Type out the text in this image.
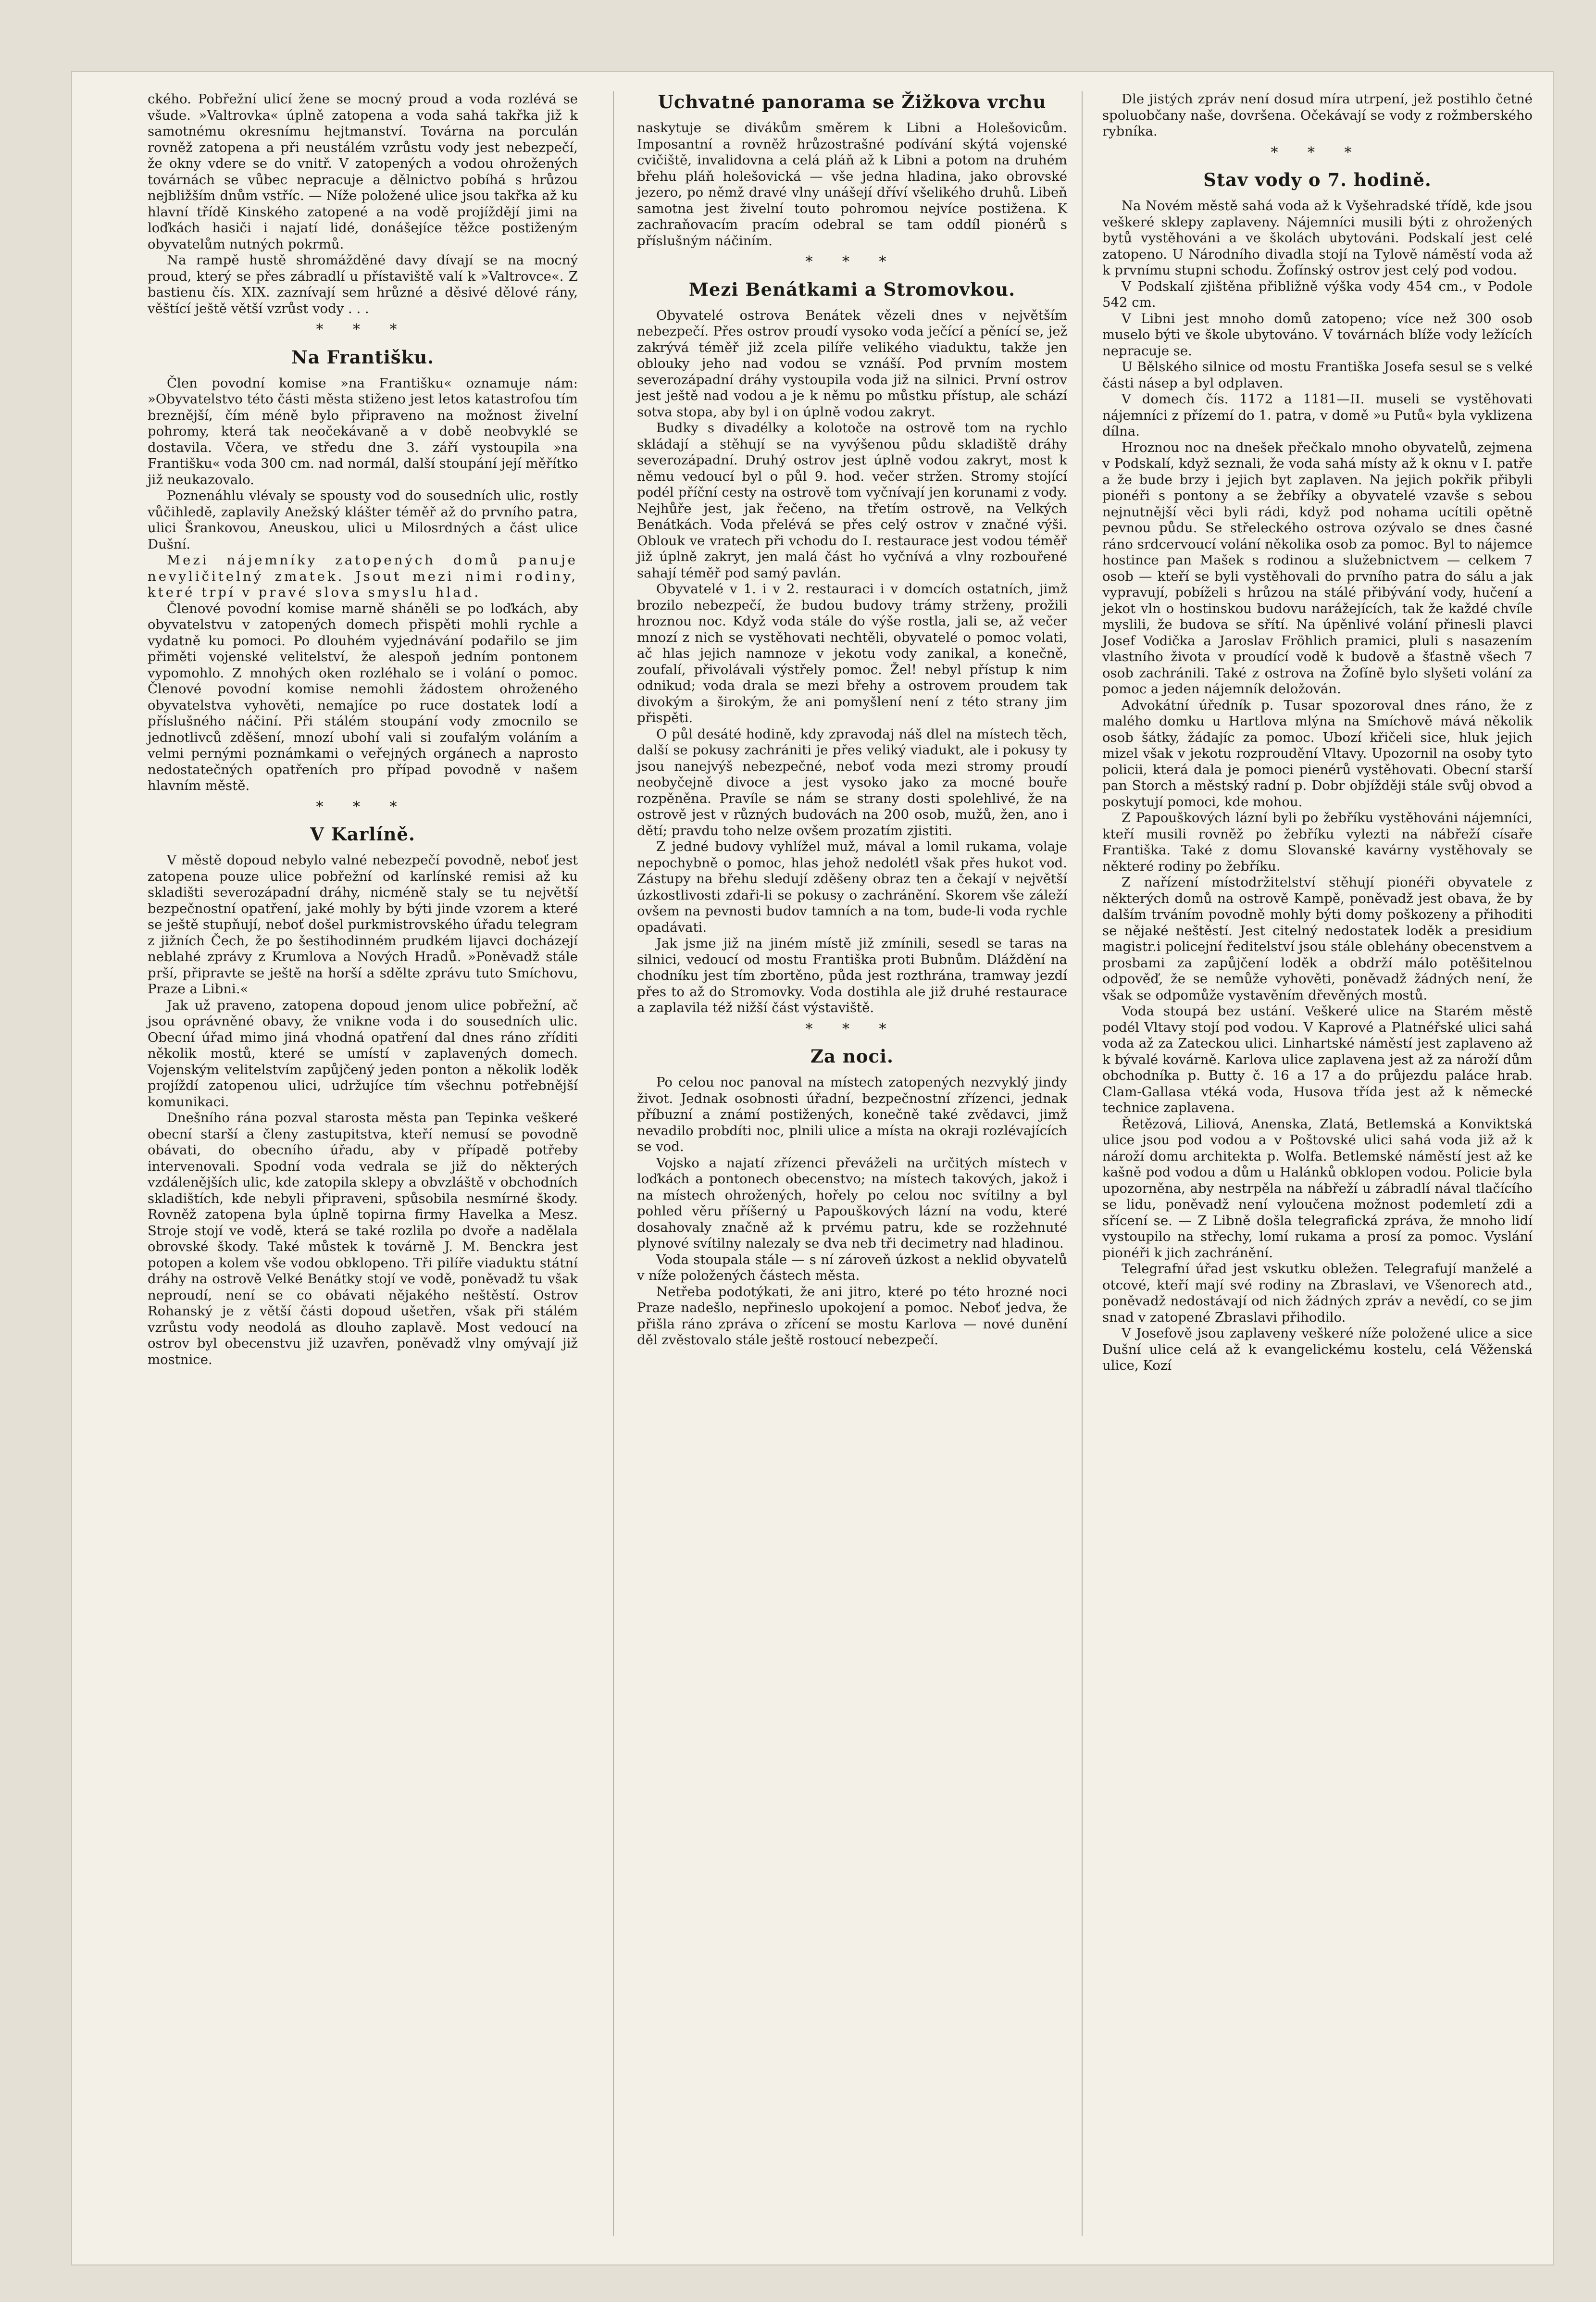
ckého. Pobřežní ulicí žene se mocný proud a voda rozlévá se všude. »Valtrovka« úplně zatopena a voda sahá takřka již k samotnému okresnímu hejtmanství. Továrna na porculán rovněž zatopena a při neustálém vzrůstu vody jest nebezpečí, že okny vdere se do vnitř. V zatopených a vodou ohrožených továrnách se vůbec nepracuje a dělnictvo pobíhá s hrůzou nejbližším dnům vstříc. — Níže položené ulice jsou takřka až ku hlavní třídě Kinského zatopené a na vodě projíždějí jimi na loďkách hasiči i najatí lidé, donášejíce těžce postiženým obyvatelům nutných pokrmů.

Na rampě hustě shromážděné davy dívají se na mocný proud, který se přes zábradlí u přístaviště valí k »Valtrovce«. Z bastienu čís. XIX. zaznívají sem hrůzné a děsivé dělové rány, věštící ještě větší vzrůst vody . . .

* * *
Na Františku.

Člen povodní komise »na Františku« oznamuje nám: »Obyvatelstvo této části města stiženo jest letos katastrofou tím breznější, čím méně bylo připraveno na možnost živelní pohromy, která tak neočekávaně a v době neobvyklé se dostavila. Včera, ve středu dne 3. září vystoupila »na Františku« voda 300 cm. nad normál, další stoupání její měřítko již neukazovalo.

Poznenáhlu vlévaly se spousty vod do sousedních ulic, rostly vůčihledě, zaplavily Anežský klášter téměř až do prvního patra, ulici Šrankovou, Aneuskou, ulici u Milosrdných a část ulice Dušní.

Mezi nájemníky zatopených domů panuje nevyličitelný zmatek. Jsout mezi nimi rodiny, které trpí v pravé slova smyslu hlad.

Členové povodní komise marně sháněli se po loďkách, aby obyvatelstvu v zatopených domech přispěti mohli rychle a vydatně ku pomoci. Po dlouhém vyjednávání podařilo se jim přiměti vojenské velitelství, že alespoň jedním pontonem vypomohlo. Z mnohých oken rozléhalo se i volání o pomoc. Členové povodní komise nemohli žádostem ohroženého obyvatelstva vyhověti, nemajíce po ruce dostatek lodí a příslušného náčiní. Při stálém stoupání vody zmocnilo se jednotlivců zděšení, mnozí ubohí vali si zoufalým voláním a velmi pernými poznámkami o veřejných orgánech a naprosto nedostatečných opatřeních pro případ povodně v našem hlavním městě.

* * *
V Karlíně.

V městě dopoud nebylo valné nebezpečí povodně, neboť jest zatopena pouze ulice pobřežní od karlínské remisi až ku skladišti severozápadní dráhy, nicméně staly se tu největší bezpečnostní opatření, jaké mohly by býti jinde vzorem a které se ještě stupňují, neboť došel purkmistrovského úřadu telegram z jižních Čech, že po šestihodinném prudkém lijavci docházejí neblahé zprávy z Krumlova a Nových Hradů. »Poněvadž stále prší, připravte se ještě na horší a sdělte zprávu tuto Smíchovu, Praze a Libni.«

Jak už praveno, zatopena dopoud jenom ulice pobřežní, ač jsou oprávněné obavy, že vnikne voda i do sousedních ulic. Obecní úřad mimo jiná vhodná opatření dal dnes ráno zříditi několik mostů, které se umístí v zaplavených domech. Vojenským velitelstvím zapůjčený jeden ponton a několik loděk projíždí zatopenou ulici, udržujíce tím všechnu potřebnější komunikaci.

Dnešního rána pozval starosta města pan Tepinka veškeré obecní starší a členy zastupitstva, kteří nemusí se povodně obávati, do obecního úřadu, aby v případě potřeby intervenovali. Spodní voda vedrala se již do některých vzdálenějších ulic, kde zatopila sklepy a obvzláště v obchodních skladištích, kde nebyli připraveni, spůsobila nesmírné škody. Rovněž zatopena byla úplně topirna firmy Havelka a Mesz. Stroje stojí ve vodě, která se také rozlila po dvoře a nadělala obrovské škody. Také můstek k továrně J. M. Benckra jest potopen a kolem vše vodou obklopeno. Tři pilíře viaduktu státní dráhy na ostrově Velké Benátky stojí ve vodě, poněvadž tu však neproudí, není se co obávati nějakého neštěstí. Ostrov Rohanský je z větší části dopoud ušetřen, však při stálém vzrůstu vody neodolá as dlouho zaplavě. Most vedoucí na ostrov byl obecenstvu již uzavřen, poněvadž vlny omývají již mostnice.

Uchvatné panorama se Žižkova vrchu

naskytuje se divákům směrem k Libni a Holešovicům. Imposantní a rovněž hrůzostrašné podívání skýtá vojenské cvičiště, invalidovna a celá pláň až k Libni a potom na druhém břehu pláň holešovická — vše jedna hladina, jako obrovské jezero, po němž dravé vlny unášejí dříví všelikého druhů. Libeň samotna jest živelní touto pohromou nejvíce postižena. K zachraňovacím pracím odebral se tam oddíl pionérů s příslušným náčiním.

* * *
Mezi Benátkami a Stromovkou.

Obyvatelé ostrova Benátek vězeli dnes v největším nebezpečí. Přes ostrov proudí vysoko voda ječící a pěnící se, jež zakrývá téměř již zcela pilíře velikého viaduktu, takže jen oblouky jeho nad vodou se vznáší. Pod prvním mostem severozápadní dráhy vystoupila voda již na silnici. První ostrov jest ještě nad vodou a je k němu po můstku přístup, ale schází sotva stopa, aby byl i on úplně vodou zakryt.

Budky s divadélky a kolotoče na ostrově tom na rychlo skládají a stěhují se na vyvýšenou půdu skladiště dráhy severozápadní. Druhý ostrov jest úplně vodou zakryt, most k němu vedoucí byl o půl 9. hod. večer stržen. Stromy stojící podél příční cesty na ostrově tom vyčnívají jen korunami z vody. Nejhůře jest, jak řečeno, na třetím ostrově, na Velkých Benátkách. Voda přelévá se přes celý ostrov v značné výši. Oblouk ve vratech při vchodu do I. restaurace jest vodou téměř již úplně zakryt, jen malá část ho vyčnívá a vlny rozbouřené sahají téměř pod samý pavlán.

Obyvatelé v 1. i v 2. restauraci i v domcích ostatních, jimž brozilo nebezpečí, že budou budovy trámy strženy, prožili hroznou noc. Když voda stále do výše rostla, jali se, až večer mnozí z nich se vystěhovati nechtěli, obyvatelé o pomoc volati, ač hlas jejich namnoze v jekotu vody zanikal, a konečně, zoufalí, přivolávali výstřely pomoc. Žel! nebyl přístup k nim odnikud; voda drala se mezi břehy a ostrovem proudem tak divokým a širokým, že ani pomyšlení není z této strany jim přispěti.

O půl desáté hodině, kdy zpravodaj náš dlel na místech těch, další se pokusy zachrániti je přes veliký viadukt, ale i pokusy ty jsou nanejvýš nebezpečné, neboť voda mezi stromy proudí neobyčejně divoce a jest vysoko jako za mocné bouře rozpěněna. Pravíle se nám se strany dosti spolehlivé, že na ostrově jest v různých budovách na 200 osob, mužů, žen, ano i dětí; pravdu toho nelze ovšem prozatím zjistiti.

Z jedné budovy vyhlížel muž, mával a lomil rukama, volaje nepochybně o pomoc, hlas jehož nedolétl však přes hukot vod. Zástupy na břehu sledují zděšeny obraz ten a čekají v největší úzkostlivosti zdaři-li se pokusy o zachránění. Skorem vše záleží ovšem na pevnosti budov tamních a na tom, bude-li voda rychle opadávati.

Jak jsme již na jiném místě již zmínili, sesedl se taras na silnici, vedoucí od mostu Františka proti Bubnům. Dláždění na chodníku jest tím zbortěno, půda jest rozthrána, tramway jezdí přes to až do Stromovky. Voda dostihla ale již druhé restaurace a zaplavila též nižší část výstaviště.

* * *
Za noci.

Po celou noc panoval na místech zatopených nezvyklý jindy život. Jednak osobnosti úřadní, bezpečnostní zřízenci, jednak příbuzní a známí postižených, konečně také zvědavci, jimž nevadilo probdíti noc, plnili ulice a místa na okraji rozlévajících se vod.

Vojsko a najatí zřízenci převáželi na určitých místech v loďkách a pontonech obecenstvo; na místech takových, jakož i na místech ohrožených, hořely po celou noc svítilny a byl pohled věru příšerný u Papouškových lázní na vodu, které dosahovaly značně až k prvému patru, kde se rozžehnuté plynové svítilny nalezaly se dva neb tři decimetry nad hladinou.

Voda stoupala stále — s ní zároveň úzkost a neklid obyvatelů v níže položených částech města.

Netřeba podotýkati, že ani jitro, které po této hrozné noci Praze nadešlo, nepřineslo upokojení a pomoc. Neboť jedva, že přišla ráno zpráva o zřícení se mostu Karlova — nové dunění děl zvěstovalo stále ještě rostoucí nebezpečí.

Dle jistých zpráv není dosud míra utrpení, jež postihlo četné spoluobčany naše, dovršena. Očekávají se vody z rožmberského rybníka.

* * *
Stav vody o 7. hodině.

Na Novém městě sahá voda až k Vyšehradské třídě, kde jsou veškeré sklepy zaplaveny. Nájemníci musili býti z ohrožených bytů vystěhováni a ve školách ubytováni. Podskalí jest celé zatopeno. U Národního divadla stojí na Tylově náměstí voda až k prvnímu stupni schodu. Žofínský ostrov jest celý pod vodou.

V Podskalí zjištěna přibližně výška vody 454 cm., v Podole 542 cm.

V Libni jest mnoho domů zatopeno; více než 300 osob muselo býti ve škole ubytováno. V továrnách blíže vody ležících nepracuje se.

U Bělského silnice od mostu Františka Josefa sesul se s velké části násep a byl odplaven.

V domech čís. 1172 a 1181—II. museli se vystěhovati nájemníci z přízemí do 1. patra, v domě »u Putů« byla vyklizena dílna.

Hroznou noc na dnešek přečkalo mnoho obyvatelů, zejmena v Podskalí, když seznali, že voda sahá místy až k oknu v I. patře a že bude brzy i jejich byt zaplaven. Na jejich pokřik přibyli pionéři s pontony a se žebříky a obyvatelé vzavše s sebou nejnutnější věci byli rádi, když pod nohama ucítili opětně pevnou půdu. Se střeleckého ostrova ozývalo se dnes časné ráno srdcervoucí volání několika osob za pomoc. Byl to nájemce hostince pan Mašek s rodinou a služebnictvem — celkem 7 osob — kteří se byli vystěhovali do prvního patra do sálu a jak vypravují, pobíželi s hrůzou na stálé přibývání vody, hučení a jekot vln o hostinskou budovu narážejících, tak že každé chvíle myslili, že budova se sřítí. Na úpěnlivé volání přinesli plavci Josef Vodička a Jaroslav Fröhlich pramici, pluli s nasazením vlastního života v proudící vodě k budově a šťastně všech 7 osob zachránili. Také z ostrova na Žofíně bylo slyšeti volání za pomoc a jeden nájemník deložován.

Advokátní úředník p. Tusar spozoroval dnes ráno, že z malého domku u Hartlova mlýna na Smíchově mává několik osob šátky, žádajíc za pomoc. Ubozí křičeli sice, hluk jejich mizel však v jekotu rozproudění Vltavy. Upozornil na osoby tyto policii, která dala je pomoci pienérů vystěhovati. Obecní starší pan Storch a městský radní p. Dobr objížději stále svůj obvod a poskytují pomoci, kde mohou.

Z Papouškových lázní byli po žebříku vystěhováni nájemníci, kteří musili rovněž po žebříku vylezti na nábřeží císaře Františka. Také z domu Slovanské kavárny vystěhovaly se některé rodiny po žebříku.

Z nařízení místodržitelství stěhují pionéři obyvatele z některých domů na ostrově Kampě, poněvadž jest obava, že by dalším trváním povodně mohly býti domy poškozeny a přihoditi se nějaké neštěstí. Jest citelný nedostatek loděk a presidium magistr.i policejní ředitelství jsou stále oblehány obecenstvem a prosbami za zapůjčení loděk a obdrží málo potěšitelnou odpověď, že se nemůže vyhověti, poněvadž žádných není, že však se odpomůže vystavěním dřevěných mostů.

Voda stoupá bez ustání. Veškeré ulice na Starém městě podél Vltavy stojí pod vodou. V Kaprové a Platnéřské ulici sahá voda až za Zateckou ulici. Linhartské náměstí jest zaplaveno až k bývalé kovárně. Karlova ulice zaplavena jest až za nároží dům obchodníka p. Butty č. 16 a 17 a do průjezdu paláce hrab. Clam-Gallasa vtéká voda, Husova třída jest až k německé technice zaplavena.

Řetězová, Liliová, Anenska, Zlatá, Betlemská a Konviktská ulice jsou pod vodou a v Poštovské ulici sahá voda již až k nároží domu architekta p. Wolfa. Betlemské náměstí jest až ke kašně pod vodou a dům u Halánků obklopen vodou. Policie byla upozorněna, aby nestrpěla na nábřeží u zábradlí nával tlačícího se lidu, poněvadž není vyloučena možnost podemletí zdi a sřícení se. — Z Libně došla telegrafická zpráva, že mnoho lidí vystoupilo na střechy, lomí rukama a prosí za pomoc. Vyslání pionéři k jich zachránění.

Telegrafní úřad jest vskutku obležen. Telegrafují manželé a otcové, kteří mají své rodiny na Zbraslavi, ve Všenorech atd., poněvadž nedostávají od nich žádných zpráv a nevědí, co se jim snad v zatopené Zbraslavi přihodilo.

V Josefově jsou zaplaveny veškeré níže položené ulice a sice Dušní ulice celá až k evangelickému kostelu, celá Věženská ulice, Kozí
